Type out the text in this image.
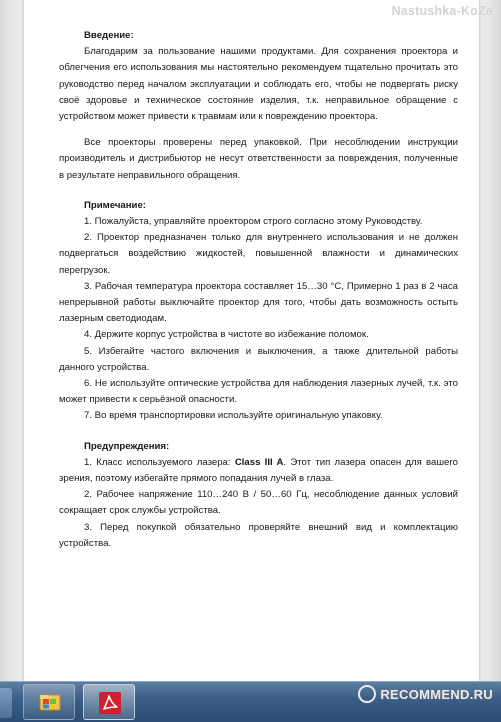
Введение:

Благодарим за пользование нашими продуктами. Для сохранения проектора и облегчения его использования мы настоятельно рекомендуем тщательно прочитать это руководство перед началом эксплуатации и соблюдать его, чтобы не подвергать риску своё здоровье и техническое состояние изделия, т.к. неправильное обращение с устройством может привести к травмам или к повреждению проектора.

Все проекторы проверены перед упаковкой. При несоблюдении инструкции производитель и дистрибьютор не несут ответственности за повреждения, полученные в результате неправильного обращения.

Примечание:

1. Пожалуйста, управляйте проектором строго согласно этому Руководству.

2. Проектор предназначен только для внутреннего использования и не должен подвергаться воздействию жидкостей, повышенной влажности и динамических перегрузок.

3. Рабочая температура проектора составляет 15…30 °С, Примерно 1 раз в 2 часа непрерывной работы выключайте проектор для того, чтобы дать возможность остыть лазерным светодиодам.

4. Держите корпус устройства в чистоте во избежание поломок.

5. Избегайте частого включения и выключения, а также длительной работы данного устройства.

6. Не используйте оптические устройства для наблюдения лазерных лучей, т.к. это может привести к серьёзной опасности.

7. Во время транспортировки используйте оригинальную упаковку.

Предупреждения:

1. Класс используемого лазера: Class III A. Этот тип лазера опасен для вашего зрения, поэтому избегайте прямого попадания лучей в глаза.

2. Рабочее напряжение 110…240 В / 50…60 Гц, несоблюдение данных условий сокращает срок службы устройства.

3. Перед покупкой обязательно проверяйте внешний вид и комплектацию устройства.

Nastushka-KoZa
RECOMMEND.RU
